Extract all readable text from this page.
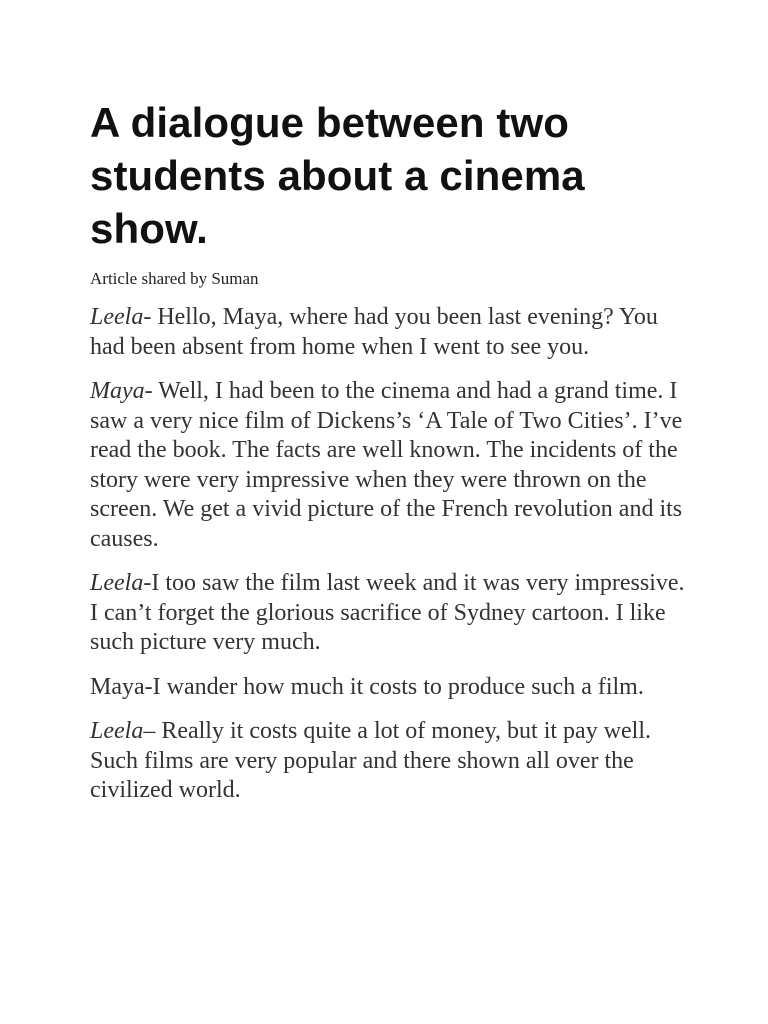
A dialogue between two students about a cinema show.
Article shared by Suman

Leela- Hello, Maya, where had you been last evening? You had been absent from home when I went to see you.

Maya- Well, I had been to the cinema and had a grand time. I saw a very nice film of Dickens’s ‘A Tale of Two Cities’. I’ve read the book. The facts are well known. The incidents of the story were very impressive when they were thrown on the screen. We get a vivid picture of the French revolution and its causes.

Leela-I too saw the film last week and it was very impressive. I can’t forget the glorious sacrifice of Sydney cartoon. I like such picture very much.

Maya-I wander how much it costs to produce such a film.

Leela– Really it costs quite a lot of money, but it pay well. Such films are very popular and there shown all over the civilized world.
